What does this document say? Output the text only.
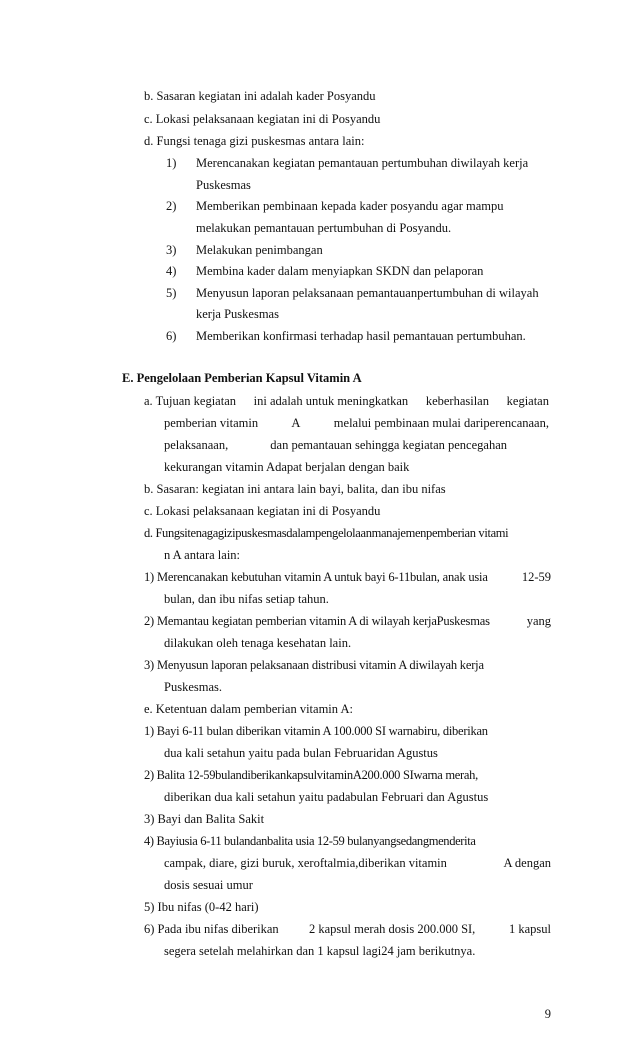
b. Sasaran kegiatan ini adalah kader Posyandu
c. Lokasi pelaksanaan kegiatan ini di Posyandu
d. Fungsi tenaga gizi puskesmas antara lain:
1) Merencanakan kegiatan pemantauan pertumbuhan diwilayah kerja
Puskesmas
2) Memberikan pembinaan kepada kader posyandu agar mampu
melakukan pemantauan pertumbuhan di Posyandu.
3) Melakukan penimbangan
4) Membina kader dalam menyiapkan SKDN dan pelaporan
5) Menyusun laporan pelaksanaan pemantauanpertumbuhan di wilayah
kerja Puskesmas
6) Memberikan konfirmasi terhadap hasil pemantauan pertumbuhan.
E. Pengelolaan Pemberian Kapsul Vitamin A
a. Tujuan kegiatan ini adalah untuk meningkatkan keberhasilan kegiatan
pemberian vitamin	A	melalui pembinaan mulai dariperencanaan,
pelaksanaan,	dan pemantauan sehingga kegiatan pencegahan
kekurangan vitamin Adapat berjalan dengan baik
b. Sasaran: kegiatan ini antara lain bayi, balita, dan ibu nifas
c. Lokasi pelaksanaan kegiatan ini di Posyandu
d. Fungsitenagagizipuskesmasdalampengelolaanmanajemenpemberian vitami
n A antara lain:
1) Merencanakan kebutuhan vitamin A untuk bayi 6-11bulan, anak usia	12-59
bulan, dan ibu nifas setiap tahun.
2) Memantau kegiatan pemberian vitamin A di wilayah kerjaPuskesmas	yang
dilakukan oleh tenaga kesehatan lain.
3) Menyusun laporan pelaksanaan distribusi vitamin A diwilayah kerja
Puskesmas.
e. Ketentuan dalam pemberian vitamin A:
1) Bayi 6-11 bulan diberikan vitamin A 100.000 SI warnabiru, diberikan
dua kali setahun yaitu pada bulan Februaridan Agustus
2) Balita 12-59bulandiberikankapsulvitaminA200.000 SIwarna merah,
diberikan dua kali setahun yaitu padabulan Februari dan Agustus
3) Bayi dan Balita Sakit
4) Bayiusia 6-11 bulandanbalita usia 12-59 bulanyangsedangmenderita
campak, diare, gizi buruk, xeroftalmia,diberikan vitamin	A dengan
dosis sesuai umur
5) Ibu nifas (0-42 hari)
6) Pada ibu nifas diberikan 2 kapsul merah dosis 200.000 SI,	1 kapsul
segera setelah melahirkan dan 1 kapsul lagi24 jam berikutnya.
9
